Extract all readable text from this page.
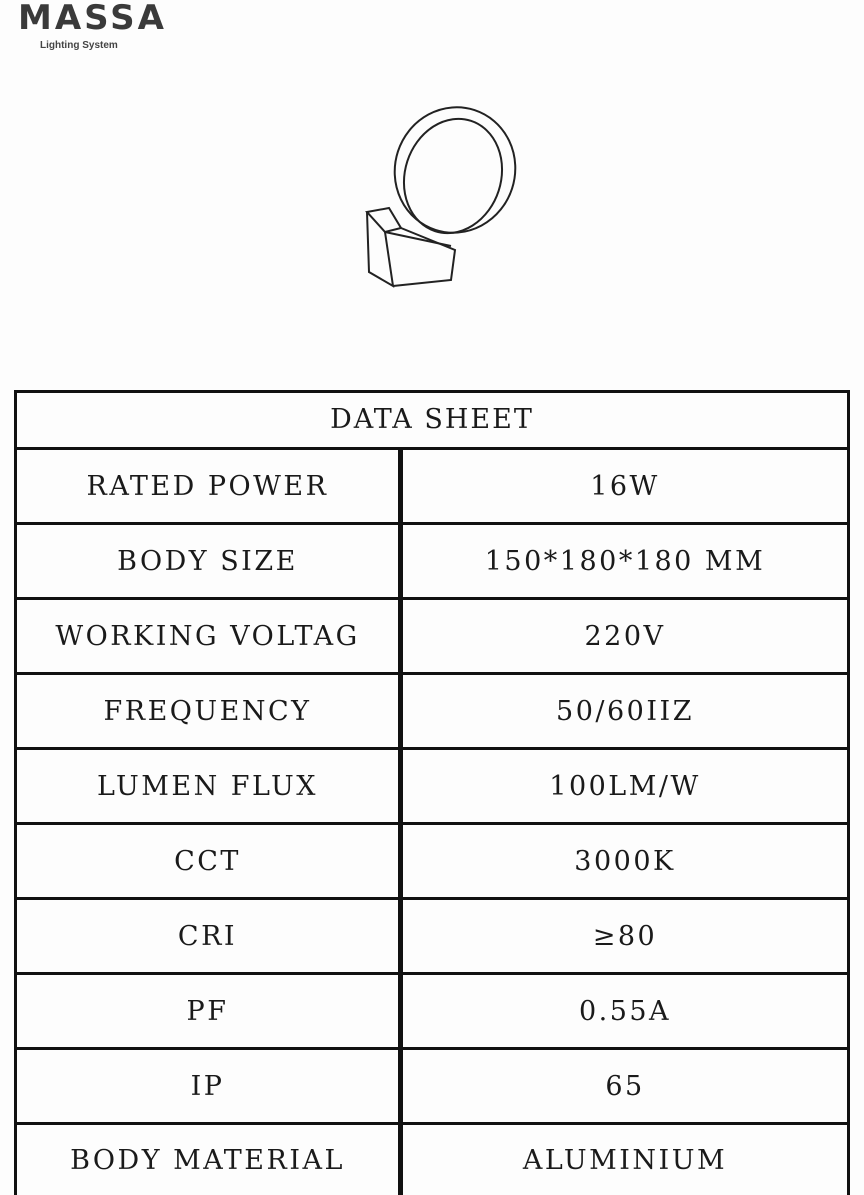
MASSA
Lighting System
DATA SHEET
RATED POWER	16W
BODY SIZE	150*180*180 MM
WORKING VOLTAG	220V
FREQUENCY	50/60IIZ
LUMEN FLUX	100LM/W
CCT	3000K
CRI	≥80
PF	0.55A
IP	65
BODY MATERIAL	ALUMINIUM
